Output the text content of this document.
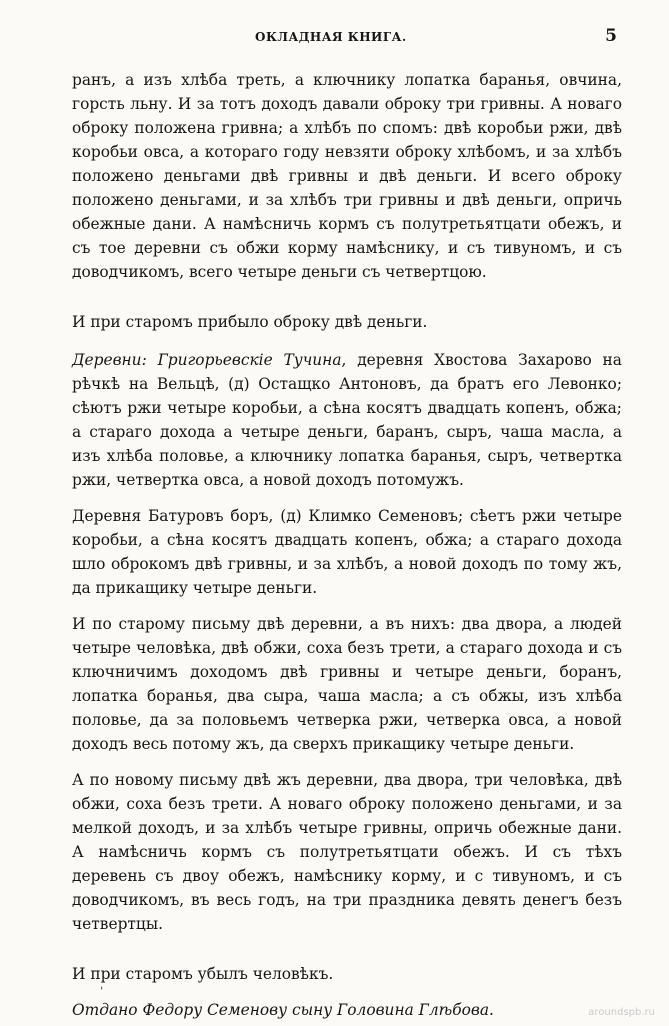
ОКЛАДНАЯ КНИГА.	5

ранъ, а изъ хлѣба треть, а ключнику лопатка баранья, овчина, горсть льну. И за тотъ доходъ давали оброку три гривны. А новаго оброку положена гривна; а хлѣбъ по спомъ: двѣ коробьи ржи, двѣ коробьи овса, а котораго году невзяти оброку хлѣбомъ, и за хлѣбъ положено деньгами двѣ гривны и двѣ деньги. И всего оброку положено деньгами, и за хлѣбъ три гривны и двѣ деньги, опричь обежные дани. А намѣсничь кормъ съ полутретьятцати обежъ, и съ тое деревни съ обжи корму намѣснику, и съ тивуномъ, и съ доводчикомъ, всего четыре деньги съ четвертцою.

И при старомъ прибыло оброку двѣ деньги.

Деревни: Григорьевскіе Тучина, деревня Хвостова Захарово на рѣчкѣ на Вельцѣ, (д) Остащко Антоновъ, да братъ его Левонко; сѣютъ ржи четыре коробьи, а сѣна косятъ двадцать копенъ, обжа; а стараго дохода а четыре деньги, баранъ, сыръ, чаша масла, а изъ хлѣба половье, а ключнику лопатка баранья, сыръ, четвертка ржи, четвертка овса, а новой доходъ потомужъ.

Деревня Батуровъ боръ, (д) Климко Семеновъ; сѣетъ ржи четыре коробьи, а сѣна косятъ двадцать копенъ, обжа; а стараго дохода шло оброкомъ двѣ гривны, и за хлѣбъ, а новой доходъ по тому жъ, да прикащику четыре деньги.

И по старому письму двѣ деревни, а въ нихъ: два двора, а людей четыре человѣка, двѣ обжи, соха безъ трети, а стараго дохода и съ ключничимъ доходомъ двѣ гривны и четыре деньги, боранъ, лопатка боранья, два сыра, чаша масла; а съ обжы, изъ хлѣба половье, да за половьемъ четверка ржи, четверка овса, а новой доходъ весь потому жъ, да сверхъ прикащику четыре деньги.

А по новому письму двѣ жъ деревни, два двора, три человѣка, двѣ обжи, соха безъ трети. А новаго оброку положено деньгами, и за мелкой доходъ, и за хлѣбъ четыре гривны, опричь обежные дани. А намѣсничь кормъ съ полутретьятцати обежъ. И съ тѣхъ деревень съ двоу обежъ, намѣснику корму, и с тивуномъ, и съ доводчикомъ, въ весь годъ, на три праздника девять денегъ безъ четвертцы.

И при старомъ убылъ человѣкъ.

Отдано Федору Семенову сыну Головина Глѣбова.

ˈ
aroundspb.ru
